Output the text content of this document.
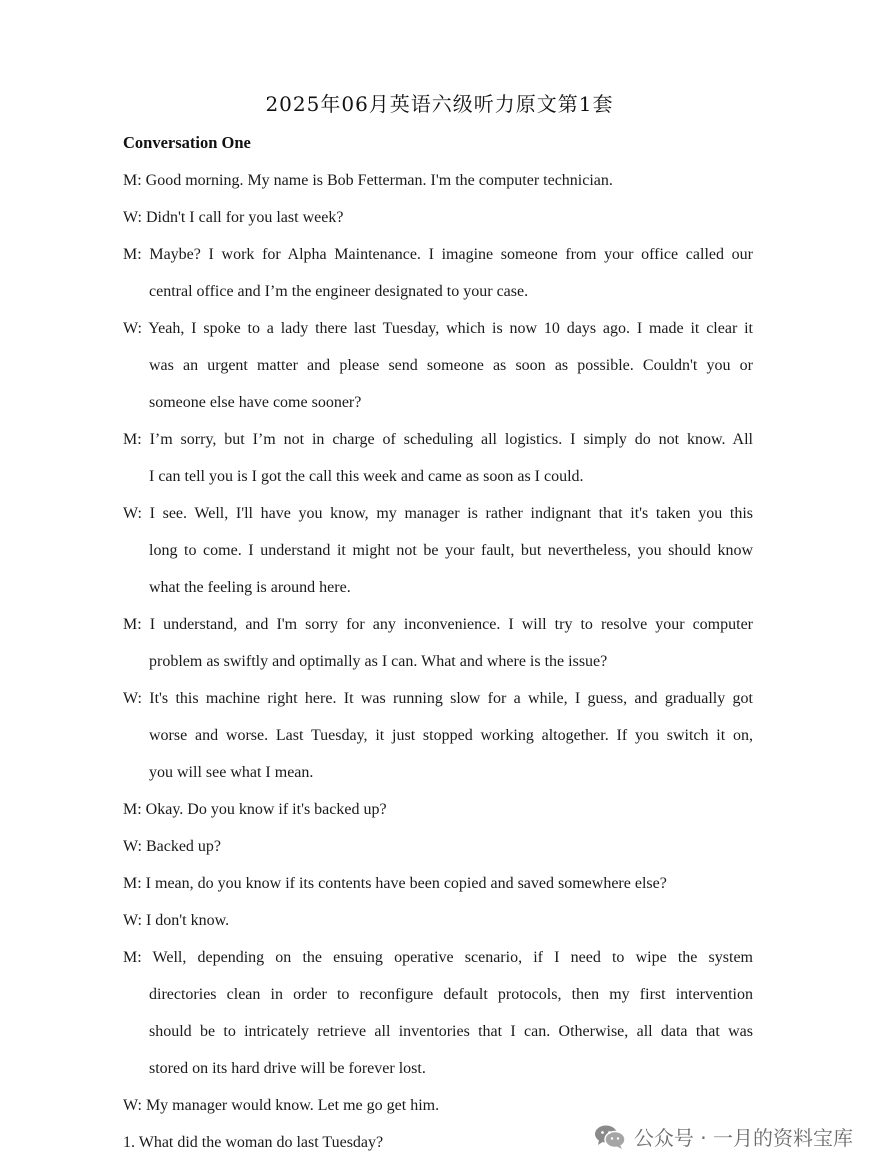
2025年06月英语六级听力原文第1套
Conversation One
M: Good morning. My name is Bob Fetterman. I'm the computer technician.
W: Didn't I call for you last week?
M: Maybe? I work for Alpha Maintenance. I imagine someone from your office called our
central office and I’m the engineer designated to your case.
W: Yeah, I spoke to a lady there last Tuesday, which is now 10 days ago. I made it clear it
was an urgent matter and please send someone as soon as possible. Couldn't you or
someone else have come sooner?
M: I’m sorry, but I’m not in charge of scheduling all logistics. I simply do not know. All
I can tell you is I got the call this week and came as soon as I could.
W: I see. Well, I'll have you know, my manager is rather indignant that it's taken you this
long to come. I understand it might not be your fault, but nevertheless, you should know
what the feeling is around here.
M: I understand, and I'm sorry for any inconvenience. I will try to resolve your computer
problem as swiftly and optimally as I can. What and where is the issue?
W: It's this machine right here. It was running slow for a while, I guess, and gradually got
worse and worse. Last Tuesday, it just stopped working altogether. If you switch it on,
you will see what I mean.
M: Okay. Do you know if it's backed up?
W: Backed up?
M: I mean, do you know if its contents have been copied and saved somewhere else?
W: I don't know.
M: Well, depending on the ensuing operative scenario, if I need to wipe the system
directories clean in order to reconfigure default protocols, then my first intervention
should be to intricately retrieve all inventories that I can. Otherwise, all data that was
stored on its hard drive will be forever lost.
W: My manager would know. Let me go get him.
1. What did the woman do last Tuesday?	公众号 · 一月的资料宝库
